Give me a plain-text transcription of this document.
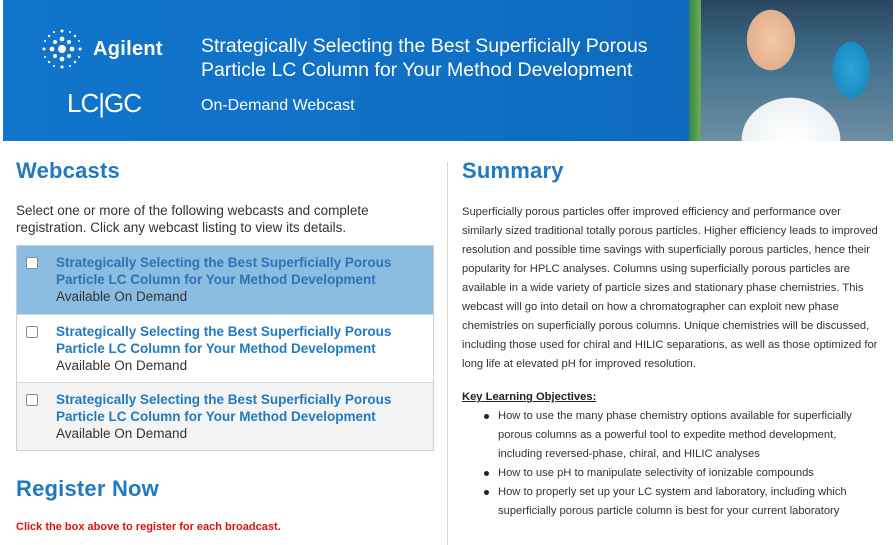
Agilent
LC|GC
Strategically Selecting the Best Superficially Porous Particle LC Column for Your Method Development
On-Demand Webcast
Webcasts
Select one or more of the following webcasts and complete registration. Click any webcast listing to view its details.
Strategically Selecting the Best Superficially Porous Particle LC Column for Your Method Development
Available On Demand
Strategically Selecting the Best Superficially Porous Particle LC Column for Your Method Development
Available On Demand
Strategically Selecting the Best Superficially Porous Particle LC Column for Your Method Development
Available On Demand
Register Now
Click the box above to register for each broadcast.
Summary
Superficially porous particles offer improved efficiency and performance over similarly sized traditional totally porous particles. Higher efficiency leads to improved resolution and possible time savings with superficially porous particles, hence their popularity for HPLC analyses. Columns using superficially porous particles are available in a wide variety of particle sizes and stationary phase chemistries. This webcast will go into detail on how a chromatographer can exploit new phase chemistries on superficially porous columns. Unique chemistries will be discussed, including those used for chiral and HILIC separations, as well as those optimized for long life at elevated pH for improved resolution.
Key Learning Objectives:
How to use the many phase chemistry options available for superficially porous columns as a powerful tool to expedite method development, including reversed-phase, chiral, and HILIC analyses
How to use pH to manipulate selectivity of ionizable compounds
How to properly set up your LC system and laboratory, including which superficially porous particle column is best for your current laboratory
